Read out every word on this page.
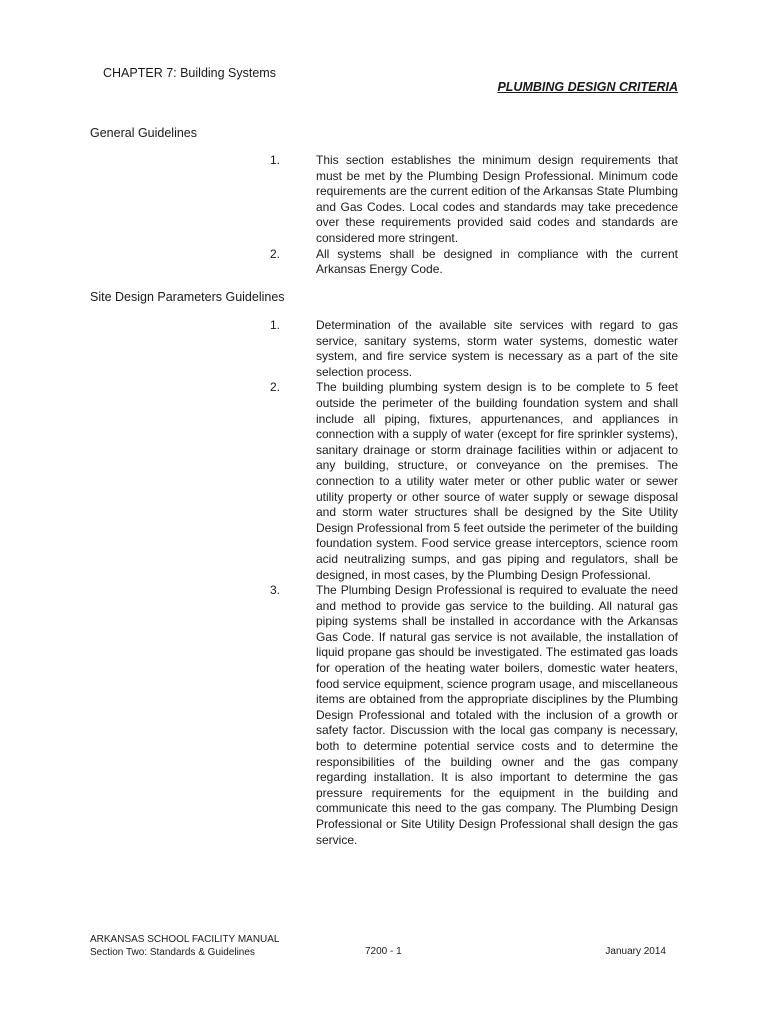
CHAPTER 7: Building Systems
PLUMBING DESIGN CRITERIA
General Guidelines
1.	This section establishes the minimum design requirements that must be met by the Plumbing Design Professional. Minimum code requirements are the current edition of the Arkansas State Plumbing and Gas Codes. Local codes and standards may take precedence over these requirements provided said codes and standards are considered more stringent.
2.	All systems shall be designed in compliance with the current Arkansas Energy Code.
Site Design Parameters Guidelines
1.	Determination of the available site services with regard to gas service, sanitary systems, storm water systems, domestic water system, and fire service system is necessary as a part of the site selection process.
2.	The building plumbing system design is to be complete to 5 feet outside the perimeter of the building foundation system and shall include all piping, fixtures, appurtenances, and appliances in connection with a supply of water (except for fire sprinkler systems), sanitary drainage or storm drainage facilities within or adjacent to any building, structure, or conveyance on the premises. The connection to a utility water meter or other public water or sewer utility property or other source of water supply or sewage disposal and storm water structures shall be designed by the Site Utility Design Professional from 5 feet outside the perimeter of the building foundation system. Food service grease interceptors, science room acid neutralizing sumps, and gas piping and regulators, shall be designed, in most cases, by the Plumbing Design Professional.
3.	The Plumbing Design Professional is required to evaluate the need and method to provide gas service to the building. All natural gas piping systems shall be installed in accordance with the Arkansas Gas Code. If natural gas service is not available, the installation of liquid propane gas should be investigated. The estimated gas loads for operation of the heating water boilers, domestic water heaters, food service equipment, science program usage, and miscellaneous items are obtained from the appropriate disciplines by the Plumbing Design Professional and totaled with the inclusion of a growth or safety factor. Discussion with the local gas company is necessary, both to determine potential service costs and to determine the responsibilities of the building owner and the gas company regarding installation. It is also important to determine the gas pressure requirements for the equipment in the building and communicate this need to the gas company. The Plumbing Design Professional or Site Utility Design Professional shall design the gas service.
ARKANSAS SCHOOL FACILITY MANUAL
Section Two: Standards & Guidelines	7200 - 1	January 2014
